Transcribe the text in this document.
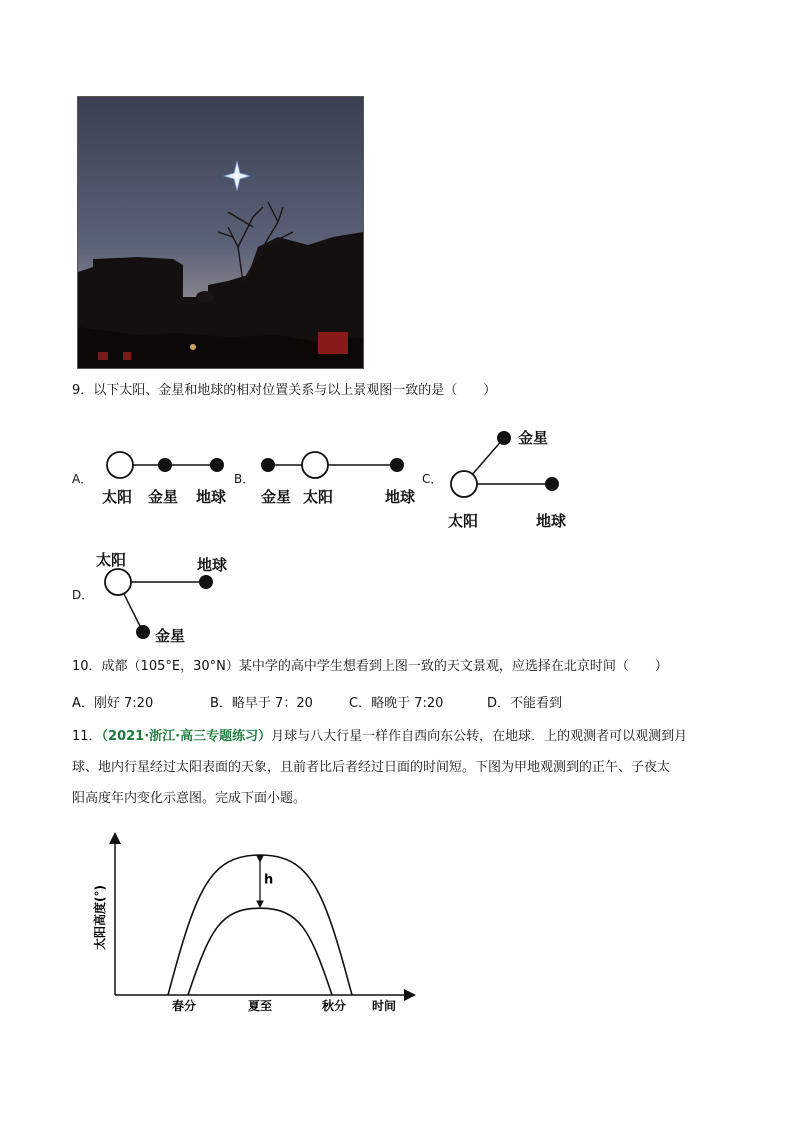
9．以下太阳、金星和地球的相对位置关系与以上景观图一致的是（　　）
A．
太阳 金星 地球
B．
金星 太阳	地球
C．
金星
太阳	地球
D．
太阳	地球
金星
10．成都（105°E，30°N）某中学的高中学生想看到上图一致的天文景观，应选择在北京时间（　　）
A．刚好 7:20	B．略早于 7：20	C．略晚于 7:20	D．不能看到
11．（2021·浙江·高三专题练习）月球与八大行星一样作自西向东公转，在地球．上的观测者可以观测到月
球、地内行星经过太阳表面的天象，且前者比后者经过日面的时间短。下图为甲地观测到的正午、子夜太
阳高度年内变化示意图。完成下面小题。
h
春分	夏至	秋分 时间
太阳高度(°)
